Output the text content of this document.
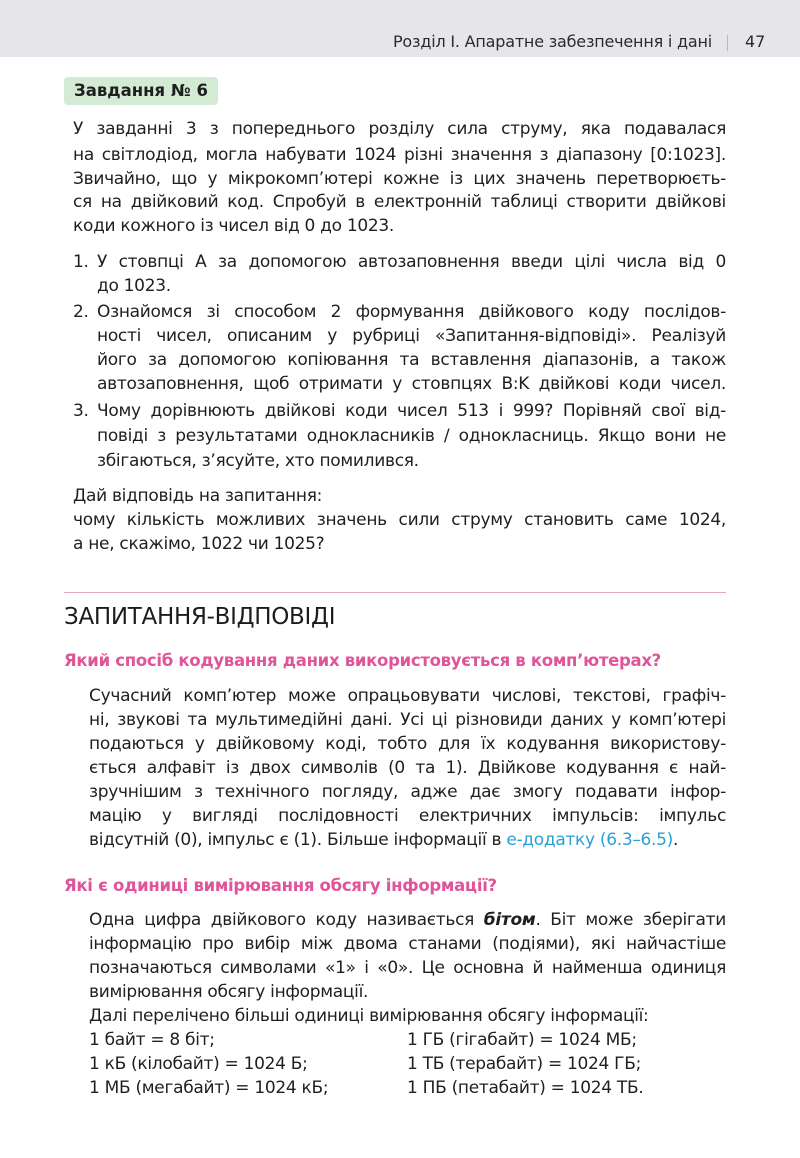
Розділ І. Апаратне забезпечення і дані 47
Завдання № 6
У завданні 3 з попереднього розділу сила струму, яка подавалася
на світлодіод, могла набувати 1024 різні значення з діапазону [0:1023].
Звичайно, що у мікрокомп’ютері кожне із цих значень перетворюєть-
ся на двійковий код. Спробуй в електронній таблиці створити двійкові
коди кожного із чисел від 0 до 1023.
1. У стовпці А за допомогою автозаповнення введи цілі числа від 0
до 1023.
2. Ознайомся зі способом 2 формування двійкового коду послідов-
ності чисел, описаним у рубриці «Запитання-відповіді». Реалізуй
його за допомогою копіювання та вставлення діапазонів, а також
автозаповнення, щоб отримати у стовпцях B:K двійкові коди чисел.
3. Чому дорівнюють двійкові коди чисел 513 і 999? Порівняй свої від-
повіді з результатами однокласників / однокласниць. Якщо вони не
збігаються, з’ясуйте, хто помилився.
Дай відповідь на запитання:
чому кількість можливих значень сили струму становить саме 1024,
а не, скажімо, 1022 чи 1025?
ЗАПИТАННЯ-ВІДПОВІДІ
Який спосіб кодування даних використовується в комп’ютерах?
Сучасний комп’ютер може опрацьовувати числові, текстові, графіч-
ні, звукові та мультимедійні дані. Усі ці різновиди даних у комп’ютері
подаються у двійковому коді, тобто для їх кодування використову-
ється алфавіт із двох символів (0 та 1). Двійкове кодування є най-
зручнішим з технічного погляду, адже дає змогу подавати інфор-
мацію у вигляді послідовності електричних імпульсів: імпульс
відсутній (0), імпульс є (1). Більше інформації в е-додатку (6.3–6.5).
Які є одиниці вимірювання обсягу інформації?
Одна цифра двійкового коду називається бітом. Біт може зберігати
інформацію про вибір між двома станами (подіями), які найчастіше
позначаються символами «1» і «0». Це основна й найменша одиниця
вимірювання обсягу інформації.
Далі перелічено більші одиниці вимірювання обсягу інформації:
1 байт = 8 біт;
1 кБ (кілобайт) = 1024 Б;
1 МБ (мегабайт) = 1024 кБ;
1 ГБ (гігабайт) = 1024 МБ;
1 ТБ (терабайт) = 1024 ГБ;
1 ПБ (петабайт) = 1024 ТБ.
